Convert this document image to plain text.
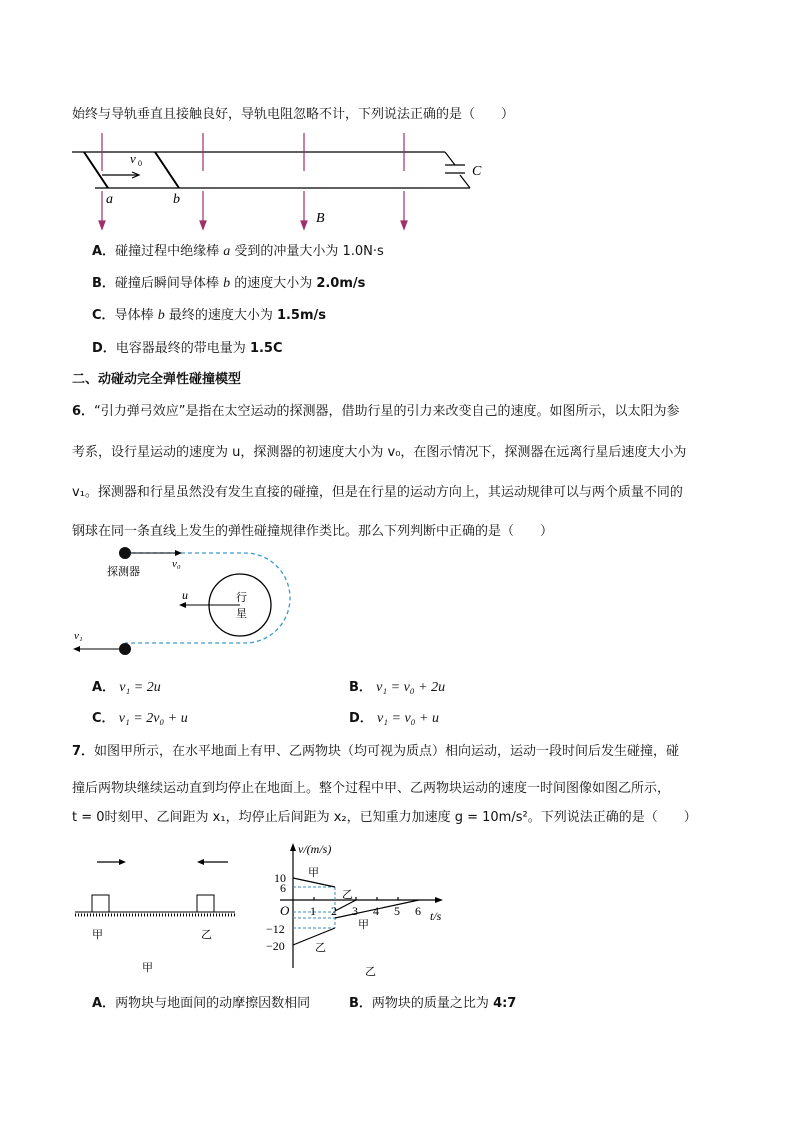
始终与导轨垂直且接触良好，导轨电阻忽略不计，下列说法正确的是（　　）
v 0
a	b
B
C
A．碰撞过程中绝缘棒 a 受到的冲量大小为 1.0N·s
B．碰撞后瞬间导体棒 b 的速度大小为 2.0m/s
C．导体棒 b 最终的速度大小为 1.5m/s
D．电容器最终的带电量为 1.5C
二、动碰动完全弹性碰撞模型
6．“引力弹弓效应”是指在太空运动的探测器，借助行星的引力来改变自己的速度。如图所示，以太阳为参
考系，设行星运动的速度为 u，探测器的初速度大小为 v₀，在图示情况下，探测器在远离行星后速度大小为
v₁。探测器和行星虽然没有发生直接的碰撞，但是在行星的运动方向上，其运动规律可以与两个质量不同的
钢球在同一条直线上发生的弹性碰撞规律作类比。那么下列判断中正确的是（　　）
探测器
v₀
u	行
星
v₁
A． v₁ = 2u	B． v₁ = v₀ + 2u
C． v₁ = 2v₀ + u	D． v₁ = v₀ + u
7．如图甲所示，在水平地面上有甲、乙两物块（均可视为质点）相向运动，运动一段时间后发生碰撞，碰
撞后两物块继续运动直到均停止在地面上。整个过程中甲、乙两物块运动的速度一时间图像如图乙所示，
t = 0时刻甲、乙间距为 x₁，均停止后间距为 x₂，已知重力加速度 g = 10m/s²。下列说法正确的是（　　）
甲	乙
甲
v/(m/s)
t/s
O
10
6
−12
−20
1 2 3 4 5 6
甲
乙
甲
乙
乙
A．两物块与地面间的动摩擦因数相同	B．两物块的质量之比为 4:7
